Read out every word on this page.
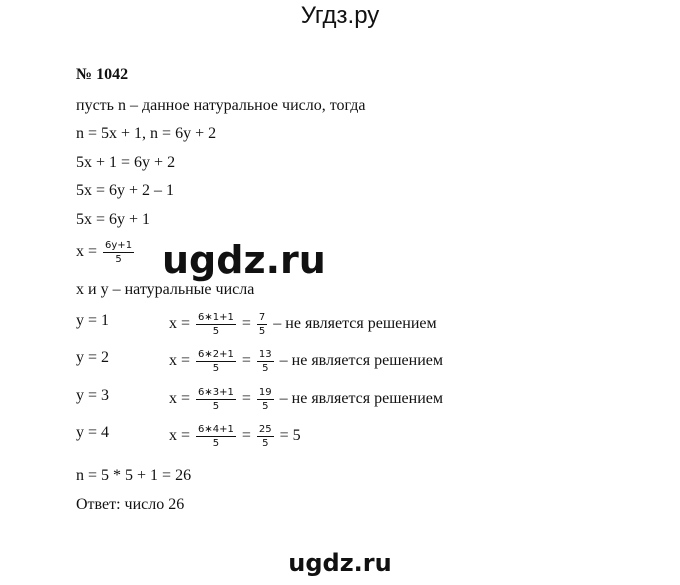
Угдз.ру
№ 1042
пусть n – данное натуральное число, тогда
n = 5x + 1, n = 6y + 2
5x + 1 = 6y + 2
5x = 6y + 2 – 1
5x = 6y + 1
$x = \frac{6y+1}{5}$ ugdz.ru
x и y – натуральные числа
y = 1	$x = \frac{6∗1+1}{5} = \frac{7}{5}$ – не является решением
y = 2	$x = \frac{6∗2+1}{5} = \frac{13}{5}$ – не является решением
y = 3	$x = \frac{6∗3+1}{5} = \frac{19}{5}$ – не является решением
y = 4	$x = \frac{6∗4+1}{5} = \frac{25}{5} = 5$
n = 5 * 5 + 1 = 26
Ответ: число 26
ugdz.ru
